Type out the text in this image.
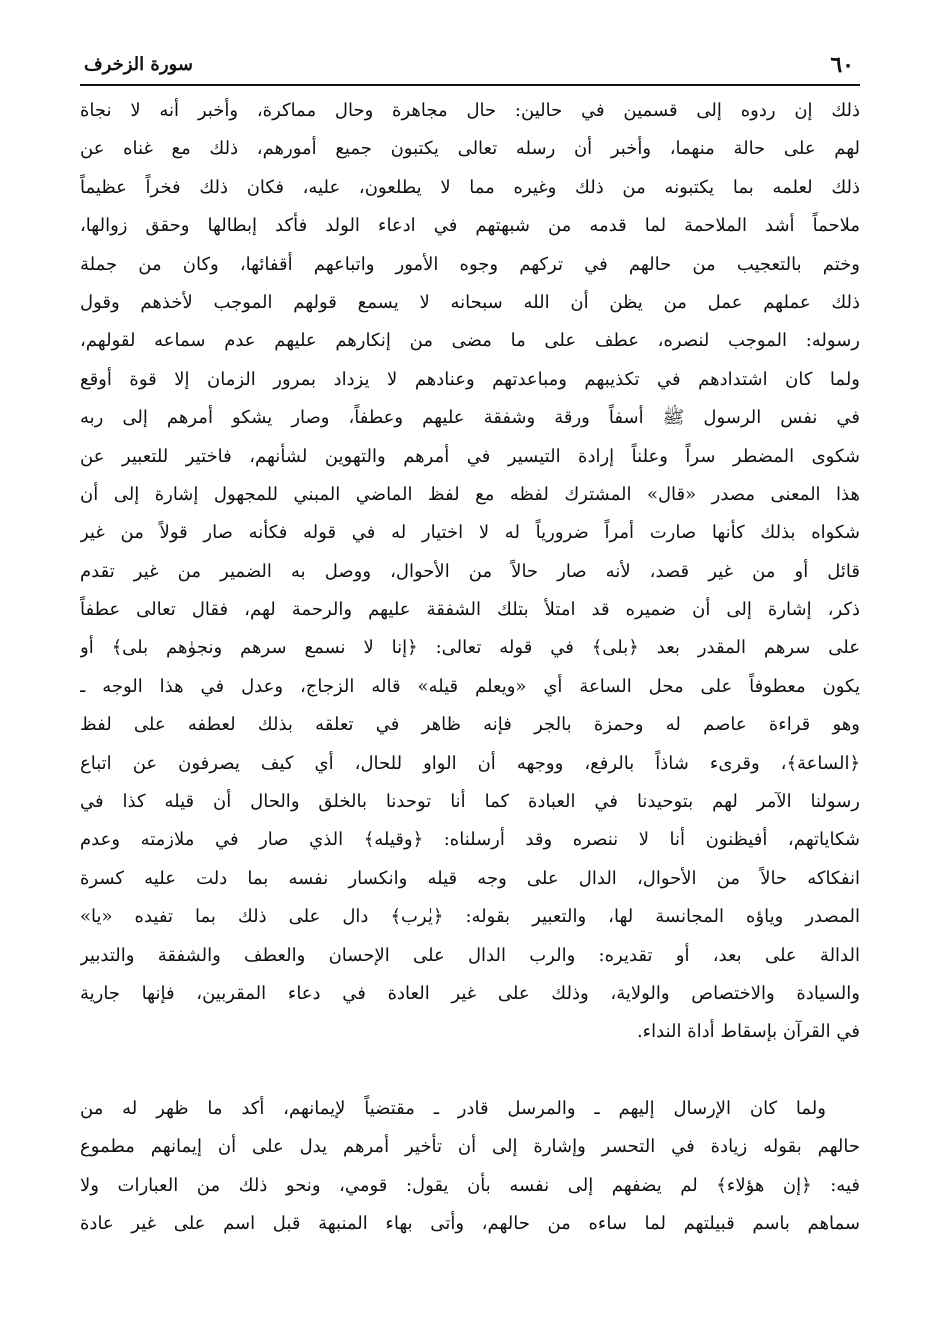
٦٠
سورة الزخرف
ذلك إن ردوه إلى قسمين في حالين: حال مجاهرة وحال مماكرة، وأخبر أنه لا نجاة
لهم على حالة منهما، وأخبر أن رسله تعالى يكتبون جميع أمورهم، ذلك مع غناه عن
ذلك لعلمه بما يكتبونه من ذلك وغيره مما لا يطلعون، عليه، فكان ذلك فخراً عظيماً
ملاحماً أشد الملاحمة لما قدمه من شبهتهم في ادعاء الولد فأكد إبطالها وحقق زوالها،
وختم بالتعجيب من حالهم في تركهم وجوه الأمور واتباعهم أقفائها، وكان من جملة
ذلك عملهم عمل من يظن أن الله سبحانه لا يسمع قولهم الموجب لأخذهم وقول
رسوله: الموجب لنصره، عطف على ما مضى من إنكارهم عليهم عدم سماعه لقولهم،
ولما كان اشتدادهم في تكذيبهم ومباعدتهم وعنادهم لا يزداد بمرور الزمان إلا قوة أوقع
في نفس الرسول ﷺ أسفاً ورقة وشفقة عليهم وعطفاً، وصار يشكو أمرهم إلى ربه
شكوى المضطر سراً وعلناً إرادة التيسير في أمرهم والتهوين لشأنهم، فاختير للتعبير عن
هذا المعنى مصدر «قال» المشترك لفظه مع لفظ الماضي المبني للمجهول إشارة إلى أن
شكواه بذلك كأنها صارت أمراً ضرورياً له لا اختيار له في قوله فكأنه صار قولاً من غير
قائل أو من غير قصد، لأنه صار حالاً من الأحوال، ووصل به الضمير من غير تقدم
ذكر، إشارة إلى أن ضميره قد امتلأ بتلك الشفقة عليهم والرحمة لهم، فقال تعالى عطفاً
على سرهم المقدر بعد ﴿بلى﴾ في قوله تعالى: ﴿إنا لا نسمع سرهم ونجوٰهم بلى﴾ أو
يكون معطوفاً على محل الساعة أي «ويعلم قيله» قاله الزجاج، وعدل في هذا الوجه ـ
وهو قراءة عاصم له وحمزة بالجر فإنه ظاهر في تعلقه بذلك لعطفه على لفظ
﴿الساعة﴾، وقرىء شاذاً بالرفع، ووجهه أن الواو للحال، أي كيف يصرفون عن اتباع
رسولنا الآمر لهم بتوحيدنا في العبادة كما أنا توحدنا بالخلق والحال أن قيله كذا في
شكاياتهم، أفيظنون أنا لا ننصره وقد أرسلناه: ﴿وقيله﴾ الذي صار في ملازمته وعدم
انفكاكه حالاً من الأحوال، الدال على وجه قيله وانكسار نفسه بما دلت عليه كسرة
المصدر وياؤه المجانسة لها، والتعبير بقوله: ﴿يٰرب﴾ دال على ذلك بما تفيده «يا»
الدالة على بعد، أو تقديره: والرب الدال على الإحسان والعطف والشفقة والتدبير
والسيادة والاختصاص والولاية، وذلك على غير العادة في دعاء المقربين، فإنها جارية
في القرآن بإسقاط أداة النداء.
ولما كان الإرسال إليهم ـ والمرسل قادر ـ مقتضياً لإيمانهم، أكد ما ظهر له من
حالهم بقوله زيادة في التحسر وإشارة إلى أن تأخير أمرهم يدل على أن إيمانهم مطموع
فيه: ﴿إن هؤلاء﴾ لم يضفهم إلى نفسه بأن يقول: قومي، ونحو ذلك من العبارات ولا
سماهم باسم قبيلتهم لما ساءه من حالهم، وأتى بهاء المنبهة قبل اسم على غير عادة
